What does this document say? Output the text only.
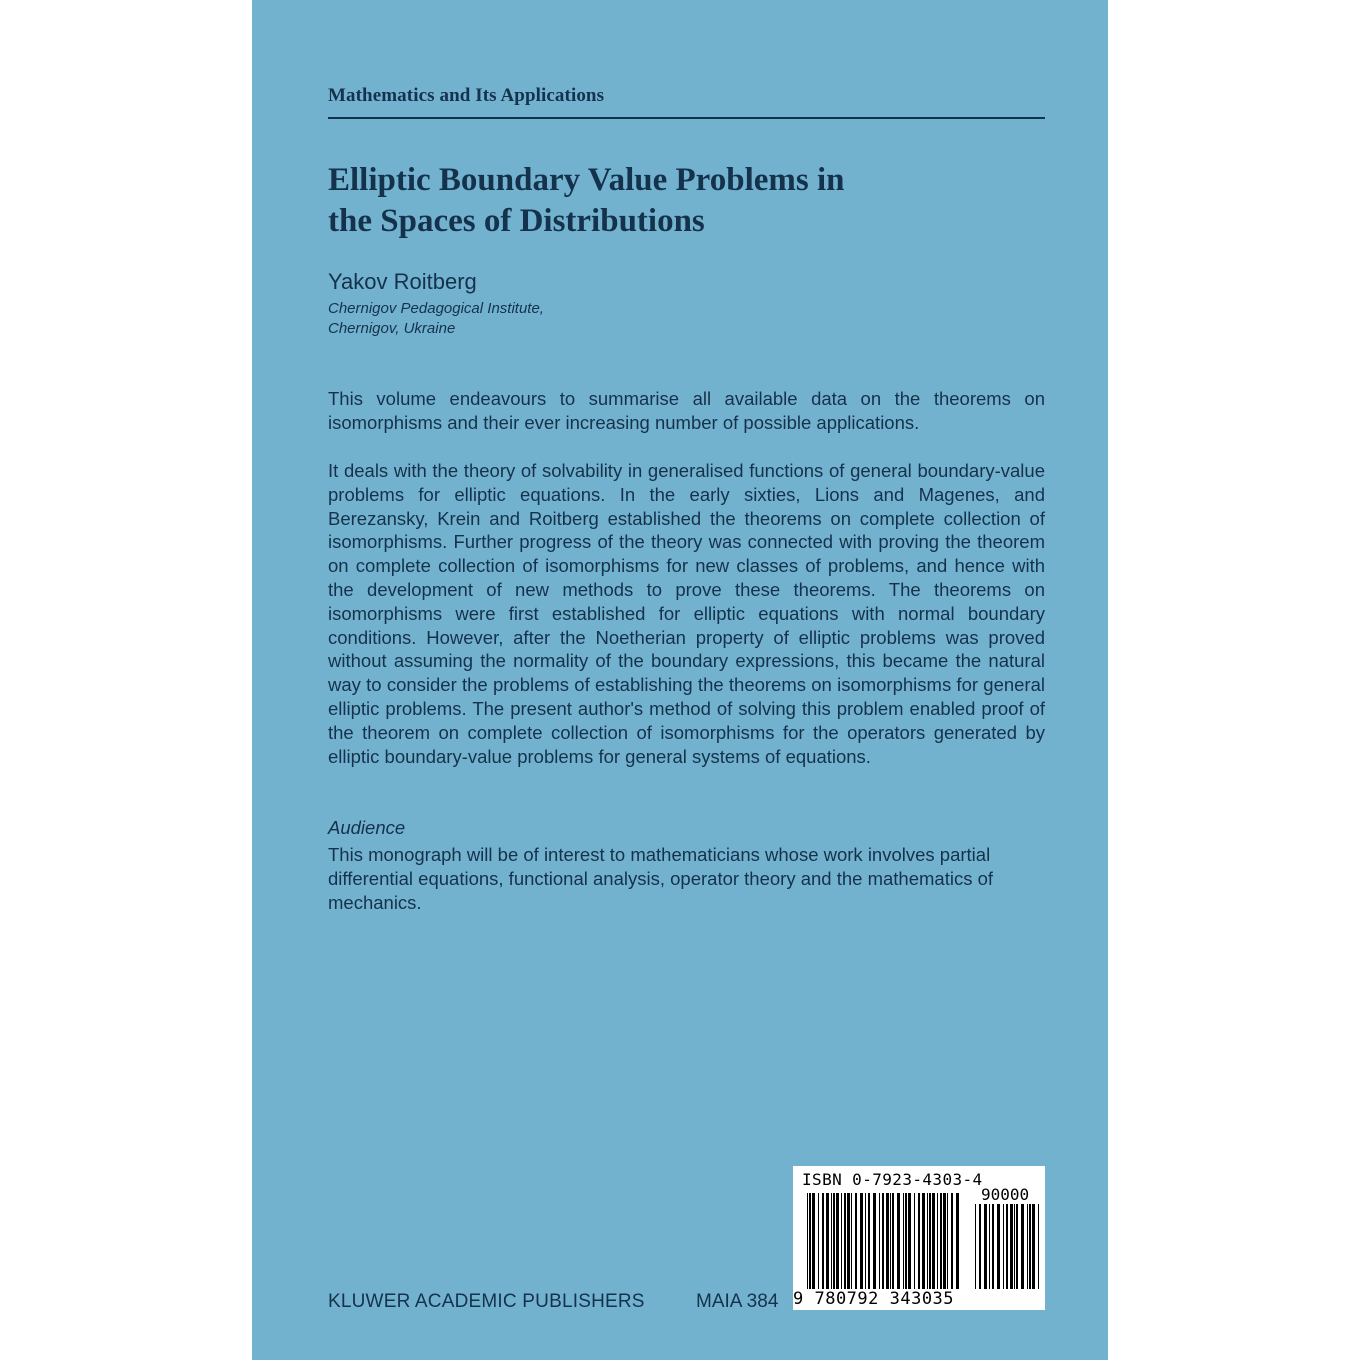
Mathematics and Its Applications
Elliptic Boundary Value Problems in
the Spaces of Distributions
Yakov Roitberg
Chernigov Pedagogical Institute,
Chernigov, Ukraine
This volume endeavours to summarise all available data on the theorems on isomorphisms and their ever increasing number of possible applications.
It deals with the theory of solvability in generalised functions of general boundary-value problems for elliptic equations. In the early sixties, Lions and Magenes, and Berezansky, Krein and Roitberg established the theorems on complete collection of isomorphisms. Further progress of the theory was connected with proving the theorem on complete collection of isomorphisms for new classes of problems, and hence with the development of new methods to prove these theorems. The theorems on isomorphisms were first established for elliptic equations with normal boundary conditions. However, after the Noetherian property of elliptic problems was proved without assuming the normality of the boundary expressions, this became the natural way to consider the problems of establishing the theorems on isomorphisms for general elliptic problems. The present author's method of solving this problem enabled proof of the theorem on complete collection of isomorphisms for the operators generated by elliptic boundary-value problems for general systems of equations.
Audience
This monograph will be of interest to mathematicians whose work involves partial differential equations, functional analysis, operator theory and the mathematics of mechanics.
KLUWER ACADEMIC PUBLISHERS	MAIA 384
ISBN 0-7923-4303-4
90000
9 780792 343035
